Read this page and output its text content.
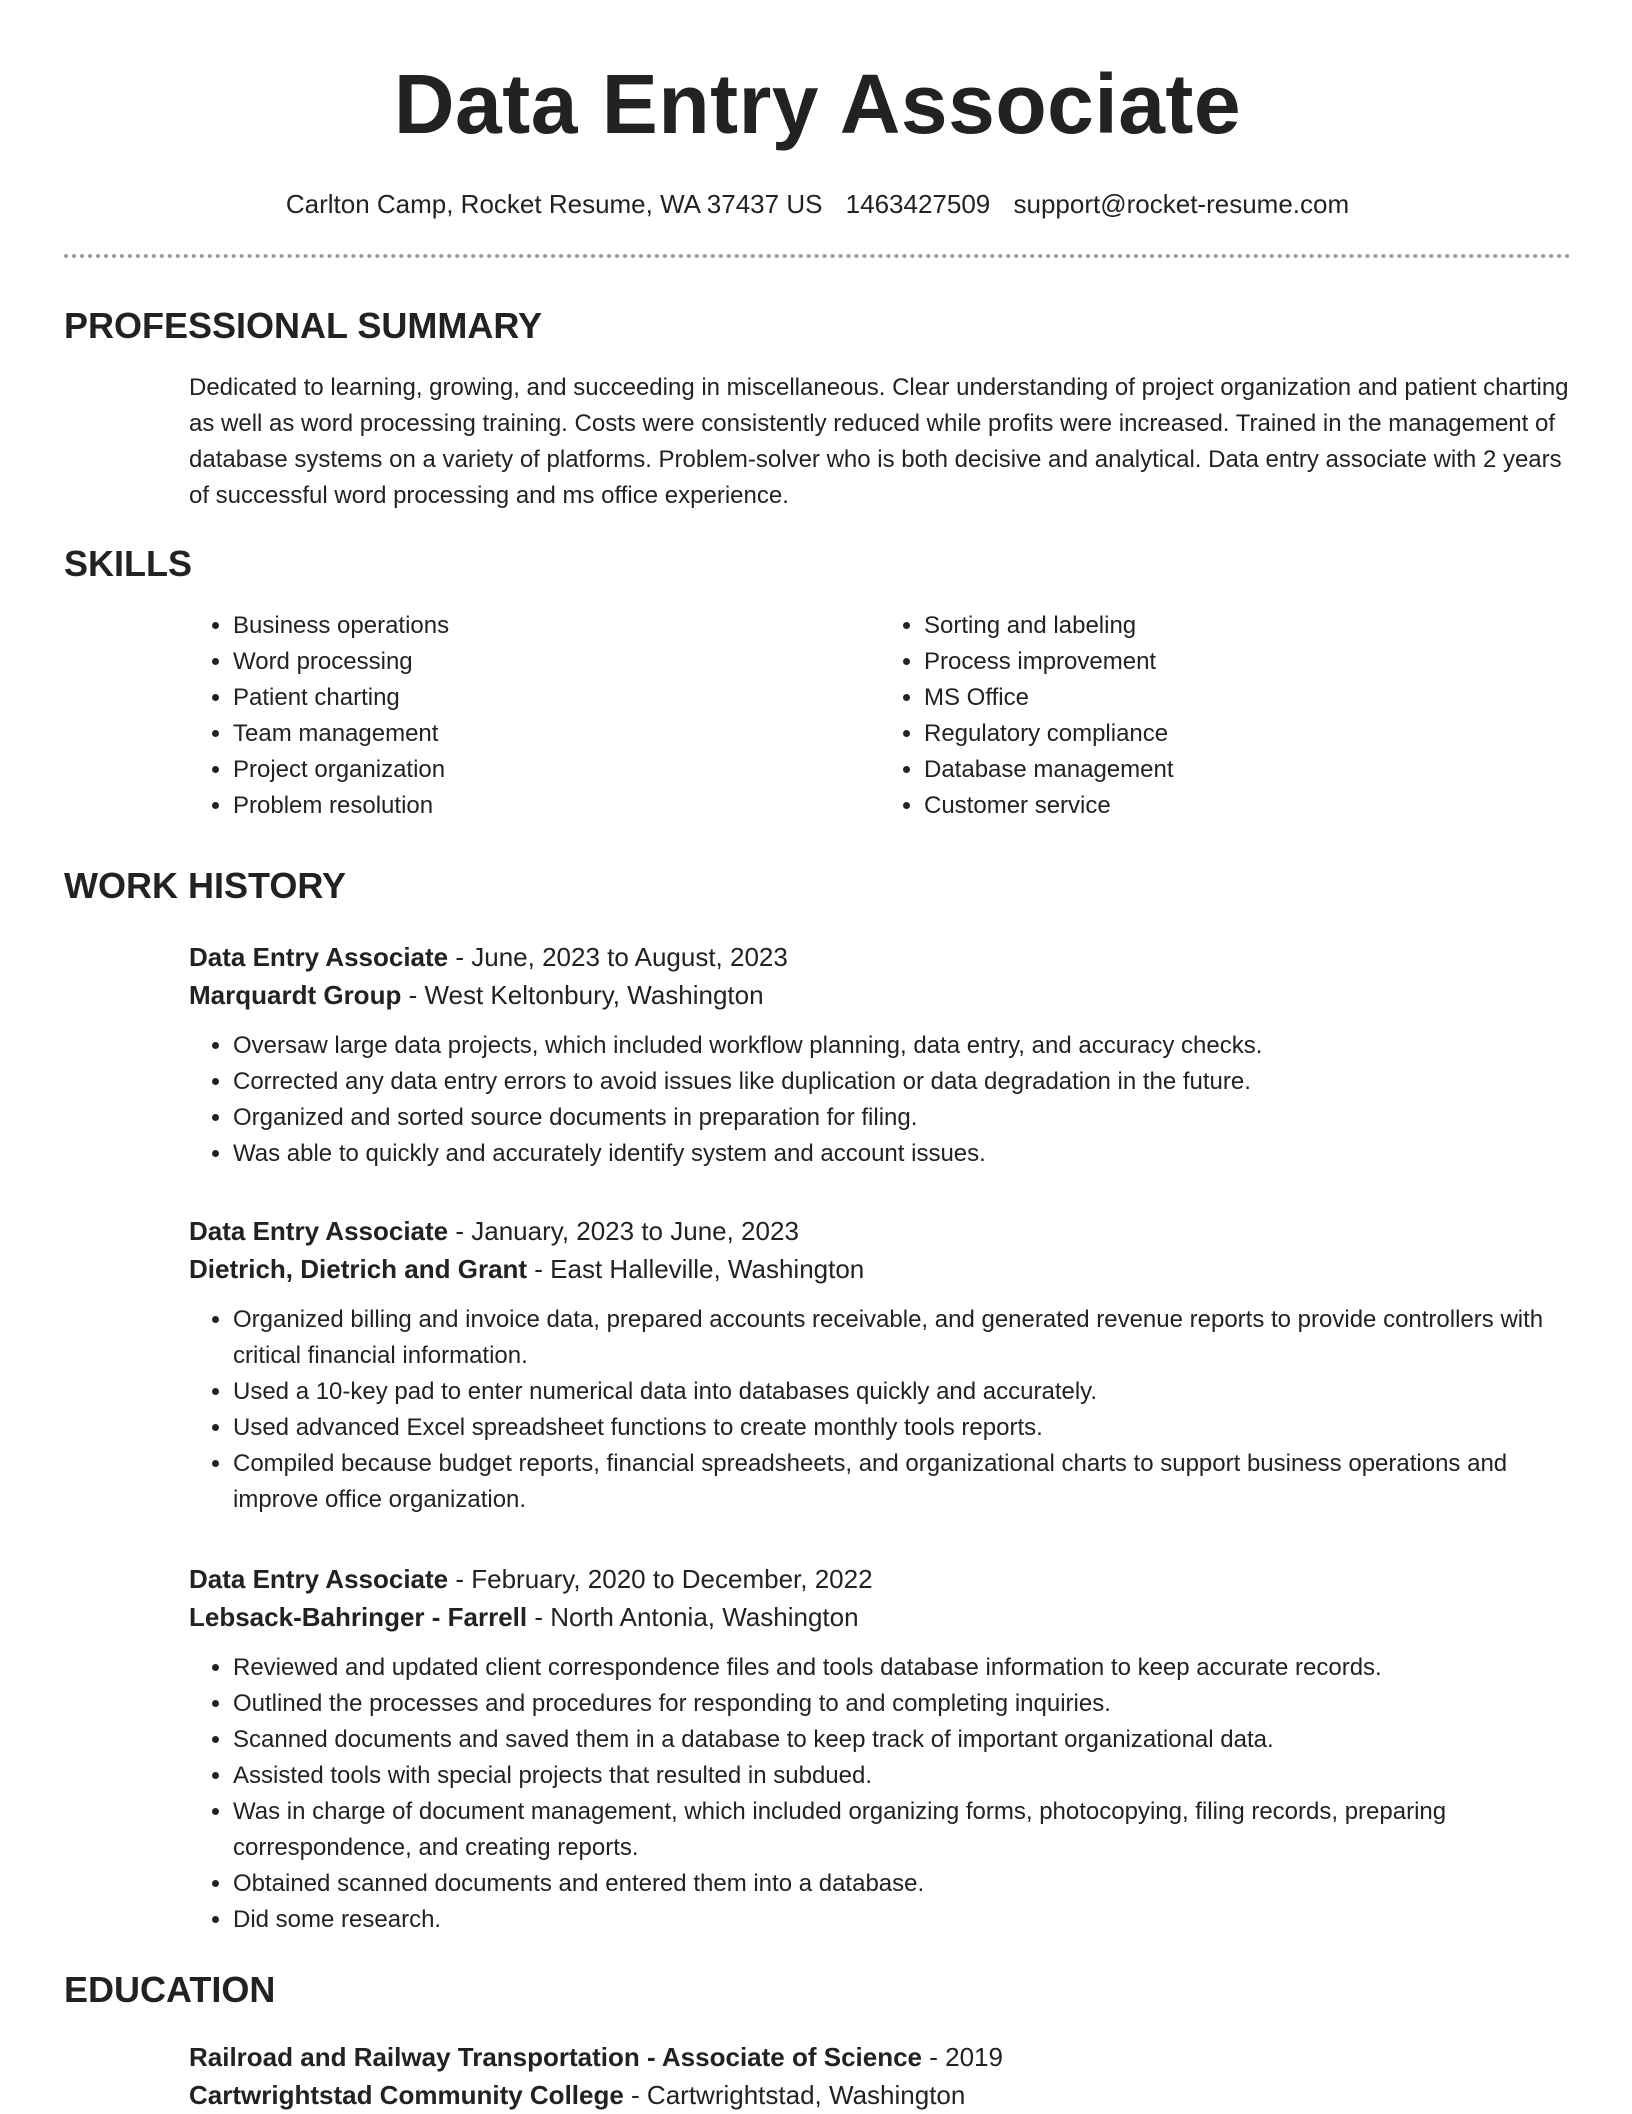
Data Entry Associate
Carlton Camp, Rocket Resume, WA 37437 US 1463427509 support@rocket-resume.com
PROFESSIONAL SUMMARY
Dedicated to learning, growing, and succeeding in miscellaneous. Clear understanding of project organization and patient charting as well as word processing training. Costs were consistently reduced while profits were increased. Trained in the management of database systems on a variety of platforms. Problem-solver who is both decisive and analytical. Data entry associate with 2 years of successful word processing and ms office experience.
SKILLS
• Business operations
• Word processing
• Patient charting
• Team management
• Project organization
• Problem resolution
• Sorting and labeling
• Process improvement
• MS Office
• Regulatory compliance
• Database management
• Customer service
WORK HISTORY
Data Entry Associate - June, 2023 to August, 2023
Marquardt Group - West Keltonbury, Washington
• Oversaw large data projects, which included workflow planning, data entry, and accuracy checks.
• Corrected any data entry errors to avoid issues like duplication or data degradation in the future.
• Organized and sorted source documents in preparation for filing.
• Was able to quickly and accurately identify system and account issues.
Data Entry Associate - January, 2023 to June, 2023
Dietrich, Dietrich and Grant - East Halleville, Washington
• Organized billing and invoice data, prepared accounts receivable, and generated revenue reports to provide controllers with critical financial information.
• Used a 10-key pad to enter numerical data into databases quickly and accurately.
• Used advanced Excel spreadsheet functions to create monthly tools reports.
• Compiled because budget reports, financial spreadsheets, and organizational charts to support business operations and improve office organization.
Data Entry Associate - February, 2020 to December, 2022
Lebsack-Bahringer - Farrell - North Antonia, Washington
• Reviewed and updated client correspondence files and tools database information to keep accurate records.
• Outlined the processes and procedures for responding to and completing inquiries.
• Scanned documents and saved them in a database to keep track of important organizational data.
• Assisted tools with special projects that resulted in subdued.
• Was in charge of document management, which included organizing forms, photocopying, filing records, preparing correspondence, and creating reports.
• Obtained scanned documents and entered them into a database.
• Did some research.
EDUCATION
Railroad and Railway Transportation - Associate of Science - 2019
Cartwrightstad Community College - Cartwrightstad, Washington
